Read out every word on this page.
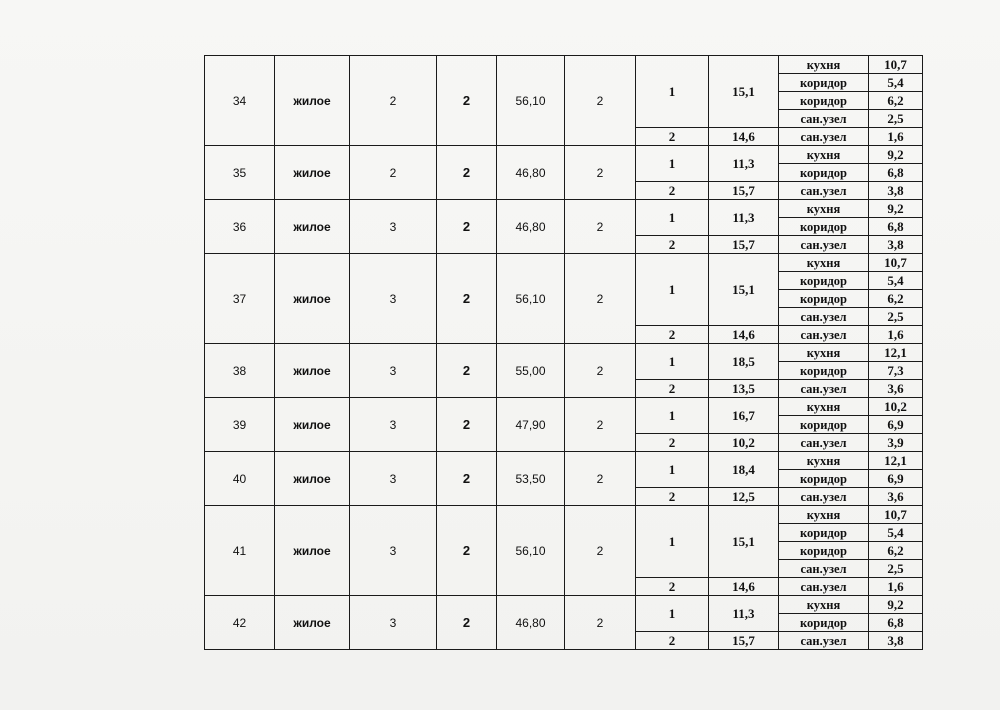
34	жилое	2	2	56,10	2	1	15,1	кухня	10,7
								коридор	5,4
								коридор	6,2
								сан.узел	2,5
						2	14,6	сан.узел	1,6
35	жилое	2	2	46,80	2	1	11,3	кухня	9,2
								коридор	6,8
						2	15,7	сан.узел	3,8
36	жилое	3	2	46,80	2	1	11,3	кухня	9,2
								коридор	6,8
						2	15,7	сан.узел	3,8
37	жилое	3	2	56,10	2	1	15,1	кухня	10,7
								коридор	5,4
								коридор	6,2
								сан.узел	2,5
						2	14,6	сан.узел	1,6
38	жилое	3	2	55,00	2	1	18,5	кухня	12,1
								коридор	7,3
						2	13,5	сан.узел	3,6
39	жилое	3	2	47,90	2	1	16,7	кухня	10,2
								коридор	6,9
						2	10,2	сан.узел	3,9
40	жилое	3	2	53,50	2	1	18,4	кухня	12,1
								коридор	6,9
						2	12,5	сан.узел	3,6
41	жилое	3	2	56,10	2	1	15,1	кухня	10,7
								коридор	5,4
								коридор	6,2
								сан.узел	2,5
						2	14,6	сан.узел	1,6
42	жилое	3	2	46,80	2	1	11,3	кухня	9,2
								коридор	6,8
						2	15,7	сан.узел	3,8
